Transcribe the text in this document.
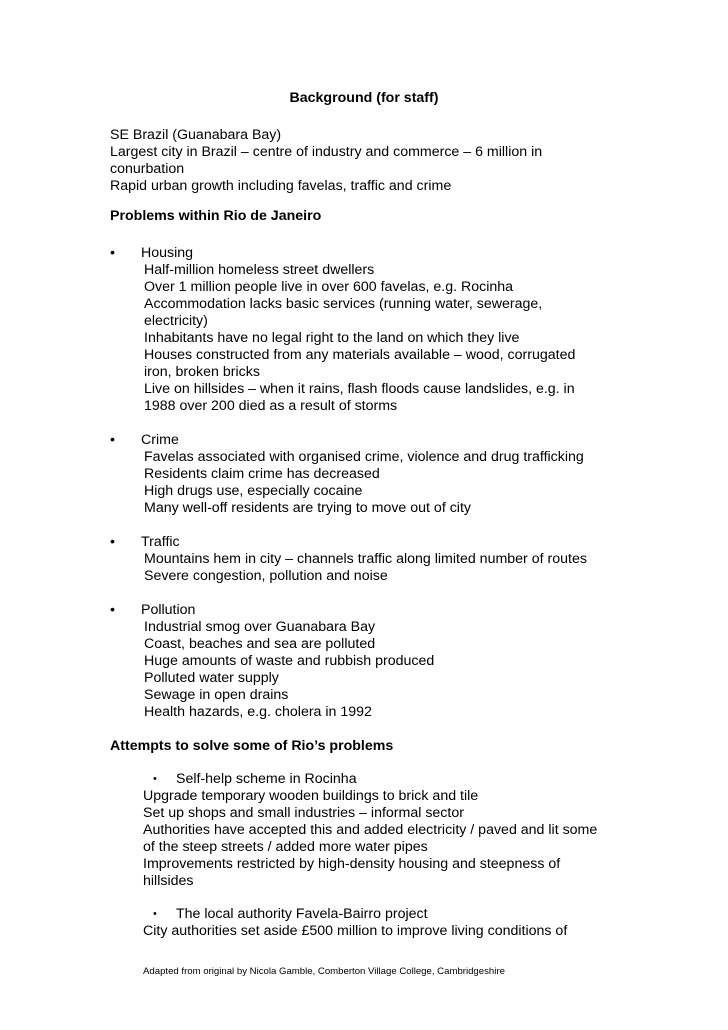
Background (for staff)
SE Brazil (Guanabara Bay)
Largest city in Brazil – centre of industry and commerce – 6 million in
conurbation
Rapid urban growth including favelas, traffic and crime
Problems within Rio de Janeiro
• Housing
Half-million homeless street dwellers
Over 1 million people live in over 600 favelas, e.g. Rocinha
Accommodation lacks basic services (running water, sewerage,
electricity)
Inhabitants have no legal right to the land on which they live
Houses constructed from any materials available – wood, corrugated
iron, broken bricks
Live on hillsides – when it rains, flash floods cause landslides, e.g. in
1988 over 200 died as a result of storms
• Crime
Favelas associated with organised crime, violence and drug trafficking
Residents claim crime has decreased
High drugs use, especially cocaine
Many well-off residents are trying to move out of city
• Traffic
Mountains hem in city – channels traffic along limited number of routes
Severe congestion, pollution and noise
• Pollution
Industrial smog over Guanabara Bay
Coast, beaches and sea are polluted
Huge amounts of waste and rubbish produced
Polluted water supply
Sewage in open drains
Health hazards, e.g. cholera in 1992
Attempts to solve some of Rio’s problems
•	Self-help scheme in Rocinha
Upgrade temporary wooden buildings to brick and tile
Set up shops and small industries – informal sector
Authorities have accepted this and added electricity / paved and lit some
of the steep streets / added more water pipes
Improvements restricted by high-density housing and steepness of
hillsides
•	The local authority Favela-Bairro project
City authorities set aside £500 million to improve living conditions of
Adapted from original by Nicola Gamble, Comberton Village College, Cambridgeshire
